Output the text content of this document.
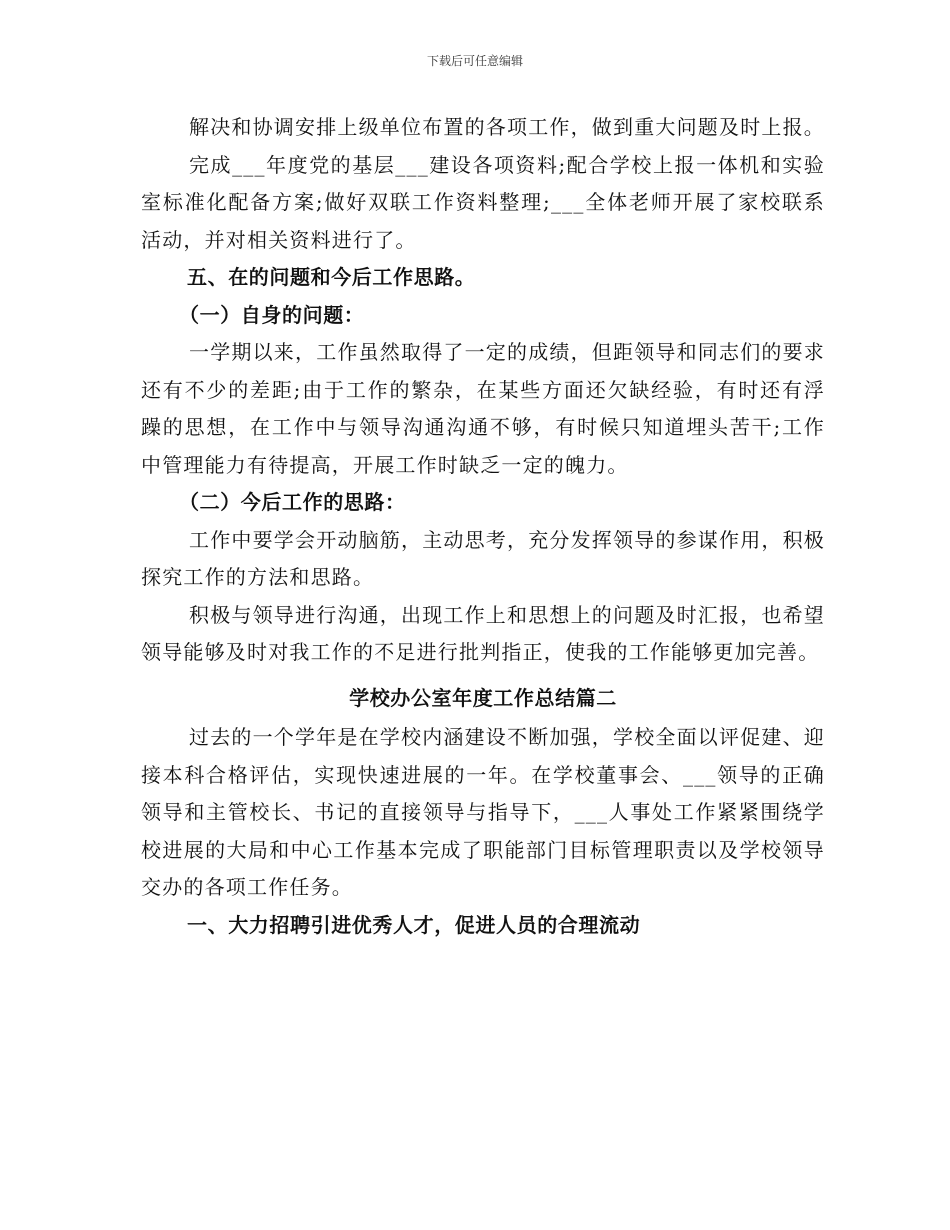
下载后可任意编辑

解决和协调安排上级单位布置的各项工作，做到重大问题及时上报。

完成___年度党的基层___建设各项资料;配合学校上报一体机和实验室标准化配备方案;做好双联工作资料整理;___全体老师开展了家校联系活动，并对相关资料进行了。

五、在的问题和今后工作思路。

（一）自身的问题：

一学期以来，工作虽然取得了一定的成绩，但距领导和同志们的要求还有不少的差距;由于工作的繁杂，在某些方面还欠缺经验，有时还有浮躁的思想，在工作中与领导沟通沟通不够，有时候只知道埋头苦干;工作中管理能力有待提高，开展工作时缺乏一定的魄力。

（二）今后工作的思路：

工作中要学会开动脑筋，主动思考，充分发挥领导的参谋作用，积极探究工作的方法和思路。

积极与领导进行沟通，出现工作上和思想上的问题及时汇报，也希望领导能够及时对我工作的不足进行批判指正，使我的工作能够更加完善。

学校办公室年度工作总结篇二

过去的一个学年是在学校内涵建设不断加强，学校全面以评促建、迎接本科合格评估，实现快速进展的一年。在学校董事会、___领导的正确领导和主管校长、书记的直接领导与指导下，___人事处工作紧紧围绕学校进展的大局和中心工作基本完成了职能部门目标管理职责以及学校领导交办的各项工作任务。

一、大力招聘引进优秀人才，促进人员的合理流动
